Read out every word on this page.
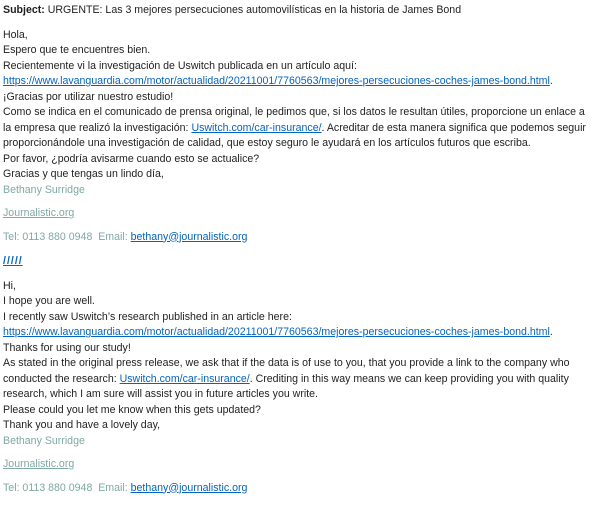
Subject: URGENTE: Las 3 mejores persecuciones automovilísticas en la historia de James Bond
Hola,
Espero que te encuentres bien.
Recientemente vi la investigación de Uswitch publicada en un artículo aquí:
https://www.lavanguardia.com/motor/actualidad/20211001/7760563/mejores-persecuciones-coches-james-bond.html.
¡Gracias por utilizar nuestro estudio!
Como se indica en el comunicado de prensa original, le pedimos que, si los datos le resultan útiles, proporcione un enlace a la empresa que realizó la investigación: Uswitch.com/car-insurance/. Acreditar de esta manera significa que podemos seguir proporcionándole una investigación de calidad, que estoy seguro le ayudará en los artículos futuros que escriba.
Por favor, ¿podría avisarme cuando esto se actualice?
Gracias y que tengas un lindo día,
Bethany Surridge
Journalistic.org
Tel: 0113 880 0948 Email: bethany@journalistic.org
/////
Hi,
I hope you are well.
I recently saw Uswitch’s research published in an article here:
https://www.lavanguardia.com/motor/actualidad/20211001/7760563/mejores-persecuciones-coches-james-bond.html.
Thanks for using our study!
As stated in the original press release, we ask that if the data is of use to you, that you provide a link to the company who conducted the research: Uswitch.com/car-insurance/. Crediting in this way means we can keep providing you with quality research, which I am sure will assist you in future articles you write.
Please could you let me know when this gets updated?
Thank you and have a lovely day,
Bethany Surridge
Journalistic.org
Tel: 0113 880 0948 Email: bethany@journalistic.org
